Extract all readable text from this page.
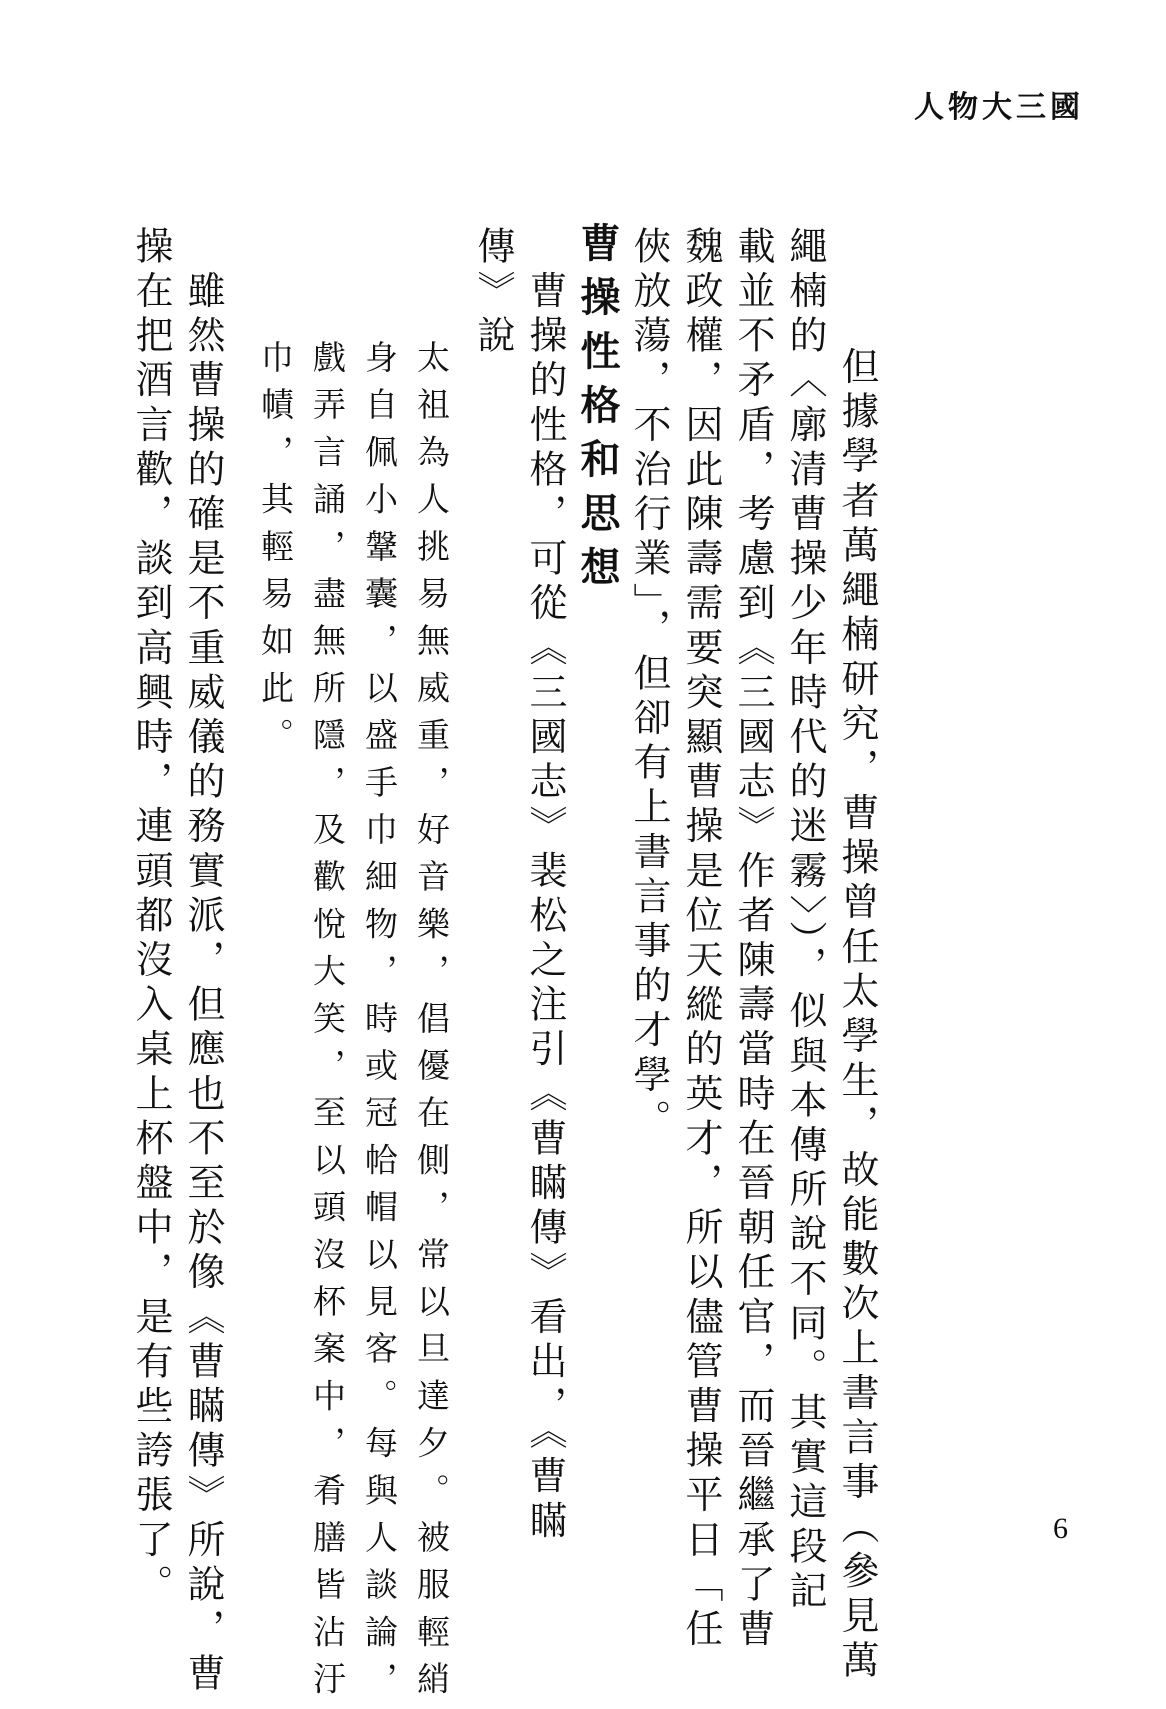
人物大三國
　但據學者萬繩楠研究，曹操曾任太學生，故能數次上書言事（參見萬
繩楠的〈廓清曹操少年時代的迷霧〉），似與本傳所說不同。其實這段記
載並不矛盾，考慮到《三國志》作者陳壽當時在晉朝任官，而晉繼承了曹
魏政權，因此陳壽需要突顯曹操是位天縱的英才，所以儘管曹操平日「任
俠放蕩，不治行業」，但卻有上書言事的才學。
曹操性格和思想
　曹操的性格，可從《三國志》裴松之注引《曹瞞傳》看出，《曹瞞
傳》說
太祖為人挑易無威重，好音樂，倡優在側，常以旦達夕。被服輕綃
身自佩小鞶囊，以盛手巾細物，時或冠帢帽以見客。每與人談論，
戲弄言誦，盡無所隱，及歡悅大笑，至以頭沒杯案中，肴膳皆沾汙
巾幘，其輕易如此。
　雖然曹操的確是不重威儀的務實派，但應也不至於像《曹瞞傳》所說，曹
操在把酒言歡，談到高興時，連頭都沒入桌上杯盤中，是有些誇張了。	6
